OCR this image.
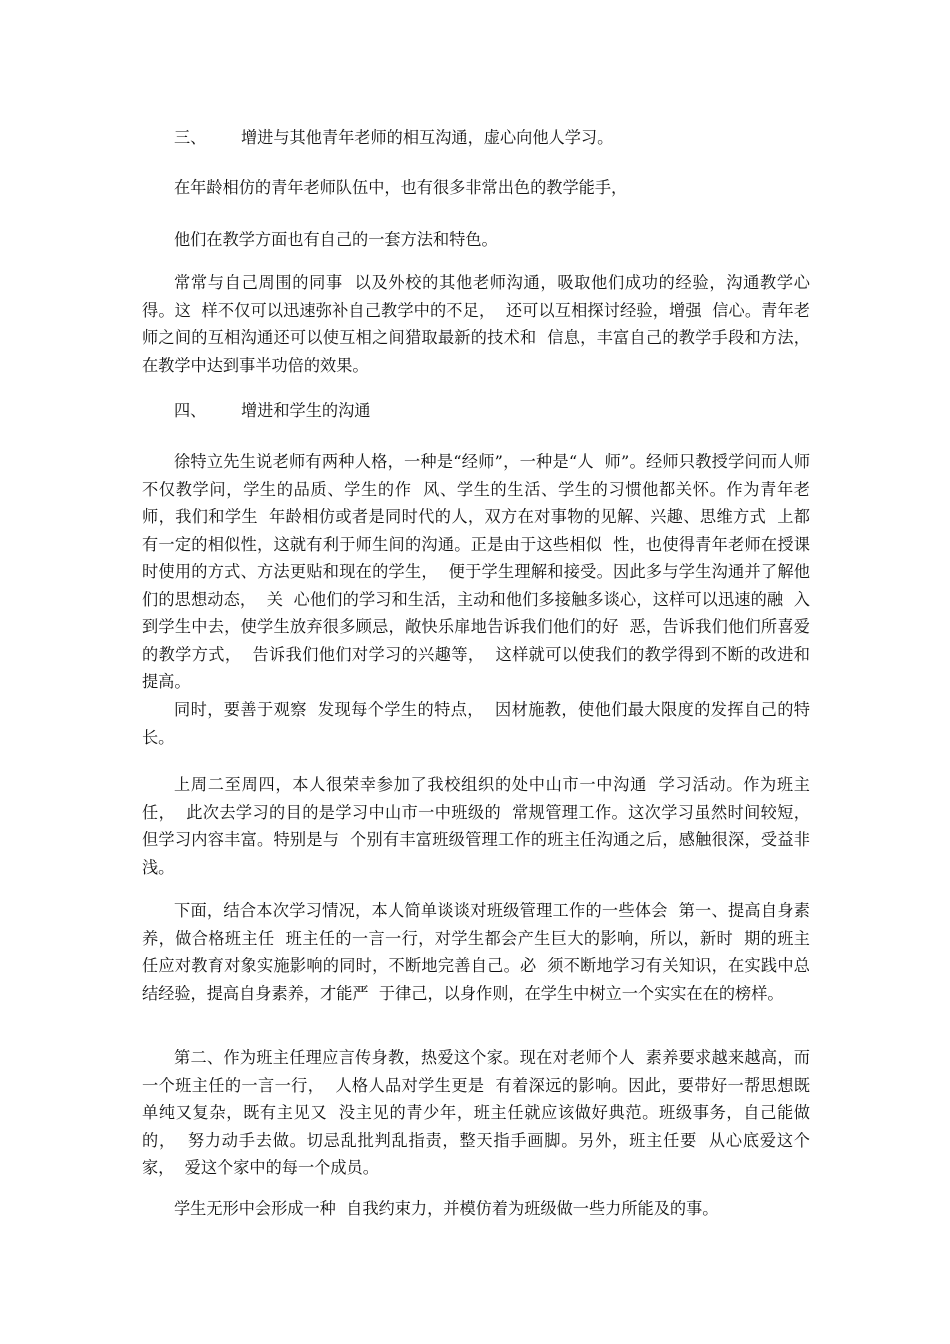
三、 增进与其他青年老师的相互沟通，虚心向他人学习。

在年龄相仿的青年老师队伍中，也有很多非常出色的教学能手，

他们在教学方面也有自己的一套方法和特色。

常常与自己周围的同事  以及外校的其他老师沟通，吸取他们成功的经验，沟通教学心得。这  样不仅可以迅速弥补自己教学中的不足，  还可以互相探讨经验，增强  信心。青年老师之间的互相沟通还可以使互相之间猎取最新的技术和  信息，丰富自己的教学手段和方法，在教学中达到事半功倍的效果。

四、 增进和学生的沟通

徐特立先生说老师有两种人格，一种是“经师”，一种是“人  师”。经师只教授学问而人师不仅教学问，学生的品质、学生的作  风、学生的生活、学生的习惯他都关怀。作为青年老师，我们和学生  年龄相仿或者是同时代的人，双方在对事物的见解、兴趣、思维方式  上都有一定的相似性，这就有利于师生间的沟通。正是由于这些相似  性，也使得青年老师在授课时使用的方式、方法更贴和现在的学生，  便于学生理解和接受。因此多与学生沟通并了解他们的思想动态，  关  心他们的学习和生活，主动和他们多接触多谈心，这样可以迅速的融  入到学生中去，使学生放弃很多顾忌，敞快乐扉地告诉我们他们的好  恶，告诉我们他们所喜爱的教学方式，  告诉我们他们对学习的兴趣等，  这样就可以使我们的教学得到不断的改进和提高。

同时，要善于观察  发现每个学生的特点，  因材施教，使他们最大限度的发挥自己的特长。

上周二至周四，本人很荣幸参加了我校组织的处中山市一中沟通  学习活动。作为班主任，  此次去学习的目的是学习中山市一中班级的  常规管理工作。这次学习虽然时间较短，但学习内容丰富。特别是与  个别有丰富班级管理工作的班主任沟通之后，感触很深，受益非浅。

下面，结合本次学习情况，本人简单谈谈对班级管理工作的一些体会  第一、提高自身素养，做合格班主任  班主任的一言一行，对学生都会产生巨大的影响，所以，新时  期的班主任应对教育对象实施影响的同时，不断地完善自己。必  须不断地学习有关知识，在实践中总结经验，提高自身素养，才能严  于律己，以身作则，在学生中树立一个实实在在的榜样。

第二、作为班主任理应言传身教，热爱这个家。现在对老师个人  素养要求越来越高，而一个班主任的一言一行，  人格人品对学生更是  有着深远的影响。因此，要带好一帮思想既单纯又复杂，既有主见又  没主见的青少年，班主任就应该做好典范。班级事务，自己能做的，  努力动手去做。切忌乱批判乱指责，整天指手画脚。另外，班主任要  从心底爱这个家，  爱这个家中的每一个成员。

学生无形中会形成一种  自我约束力，并模仿着为班级做一些力所能及的事。
